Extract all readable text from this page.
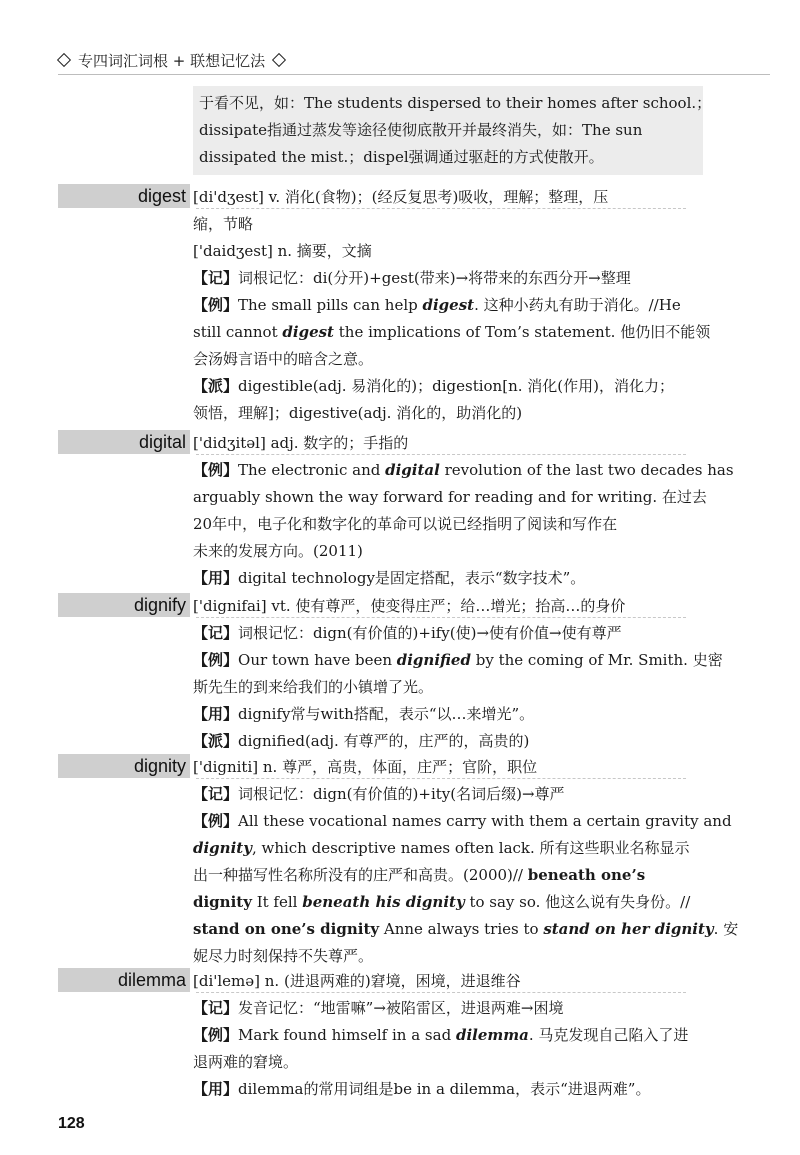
专四词汇词根 + 联想记忆法
于看不见，如：The students dispersed to their homes after school.；
dissipate指通过蒸发等途径使彻底散开并最终消失，如：The sun
dissipated the mist.；dispel强调通过驱赶的方式使散开。
digest [di'dʒest] v. 消化(食物)；(经反复思考)吸收，理解；整理，压
缩，节略
['daidʒest] n. 摘要，文摘
【记】词根记忆：di(分开)+gest(带来)→将带来的东西分开→整理
【例】The small pills can help digest. 这种小药丸有助于消化。//He
still cannot digest the implications of Tom’s statement. 他仍旧不能领
会汤姆言语中的暗含之意。
【派】digestible(adj. 易消化的)；digestion[n. 消化(作用)，消化力；
领悟，理解]；digestive(adj. 消化的，助消化的)
digital ['didʒitəl] adj. 数字的；手指的
【例】The electronic and digital revolution of the last two decades has
arguably shown the way forward for reading and for writing. 在过去
20年中，电子化和数字化的革命可以说已经指明了阅读和写作在
未来的发展方向。(2011)
【用】digital technology是固定搭配，表示“数字技术”。
dignify ['dignifai] vt. 使有尊严，使变得庄严；给…增光；抬高…的身价
【记】词根记忆：dign(有价值的)+ify(使)→使有价值→使有尊严
【例】Our town have been dignified by the coming of Mr. Smith. 史密
斯先生的到来给我们的小镇增了光。
【用】dignify常与with搭配，表示“以…来增光”。
【派】dignified(adj. 有尊严的，庄严的，高贵的)
dignity ['digniti] n. 尊严，高贵，体面，庄严；官阶，职位
【记】词根记忆：dign(有价值的)+ity(名词后缀)→尊严
【例】All these vocational names carry with them a certain gravity and
dignity, which descriptive names often lack. 所有这些职业名称显示
出一种描写性名称所没有的庄严和高贵。(2000)// beneath one’s
dignity It fell beneath his dignity to say so. 他这么说有失身份。//
stand on one’s dignity Anne always tries to stand on her dignity. 安
妮尽力时刻保持不失尊严。
dilemma [di'lemə] n. (进退两难的)窘境，困境，进退维谷
【记】发音记忆：“地雷嘛”→被陷雷区，进退两难→困境
【例】Mark found himself in a sad dilemma. 马克发现自己陷入了进
退两难的窘境。
【用】dilemma的常用词组是be in a dilemma，表示“进退两难”。
128
